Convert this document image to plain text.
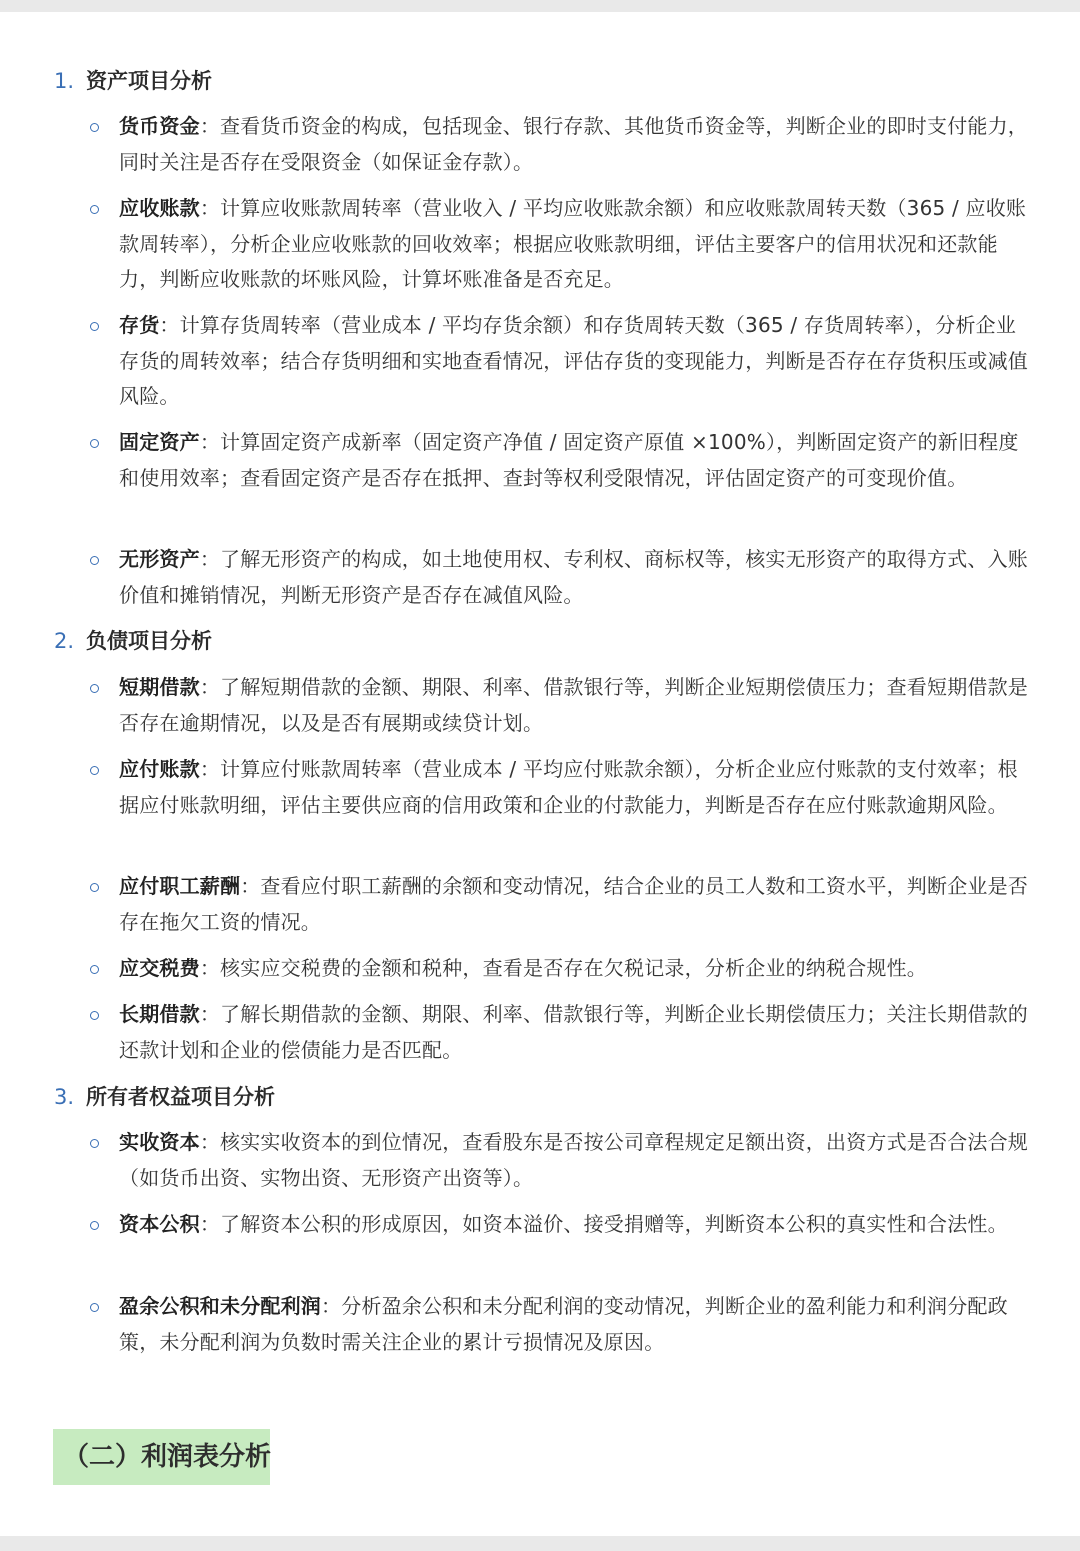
1. 资产项目分析
货币资金：查看货币资金的构成，包括现金、银行存款、其他货币资金等，判断企业的即时支付能力，同时关注是否存在受限资金（如保证金存款）。
应收账款：计算应收账款周转率（营业收入 / 平均应收账款余额）和应收账款周转天数（365 / 应收账款周转率），分析企业应收账款的回收效率；根据应收账款明细，评估主要客户的信用状况和还款能力，判断应收账款的坏账风险，计算坏账准备是否充足。
存货：计算存货周转率（营业成本 / 平均存货余额）和存货周转天数（365 / 存货周转率），分析企业存货的周转效率；结合存货明细和实地查看情况，评估存货的变现能力，判断是否存在存货积压或减值风险。
固定资产：计算固定资产成新率（固定资产净值 / 固定资产原值 ×100%），判断固定资产的新旧程度和使用效率；查看固定资产是否存在抵押、查封等权利受限情况，评估固定资产的可变现价值。
无形资产：了解无形资产的构成，如土地使用权、专利权、商标权等，核实无形资产的取得方式、入账价值和摊销情况，判断无形资产是否存在减值风险。
2. 负债项目分析
短期借款：了解短期借款的金额、期限、利率、借款银行等，判断企业短期偿债压力；查看短期借款是否存在逾期情况，以及是否有展期或续贷计划。
应付账款：计算应付账款周转率（营业成本 / 平均应付账款余额），分析企业应付账款的支付效率；根据应付账款明细，评估主要供应商的信用政策和企业的付款能力，判断是否存在应付账款逾期风险。
应付职工薪酬：查看应付职工薪酬的余额和变动情况，结合企业的员工人数和工资水平，判断企业是否存在拖欠工资的情况。
应交税费：核实应交税费的金额和税种，查看是否存在欠税记录，分析企业的纳税合规性。
长期借款：了解长期借款的金额、期限、利率、借款银行等，判断企业长期偿债压力；关注长期借款的还款计划和企业的偿债能力是否匹配。
3. 所有者权益项目分析
实收资本：核实实收资本的到位情况，查看股东是否按公司章程规定足额出资，出资方式是否合法合规（如货币出资、实物出资、无形资产出资等）。
资本公积：了解资本公积的形成原因，如资本溢价、接受捐赠等，判断资本公积的真实性和合法性。
盈余公积和未分配利润：分析盈余公积和未分配利润的变动情况，判断企业的盈利能力和利润分配政策，未分配利润为负数时需关注企业的累计亏损情况及原因。
（二）利润表分析
